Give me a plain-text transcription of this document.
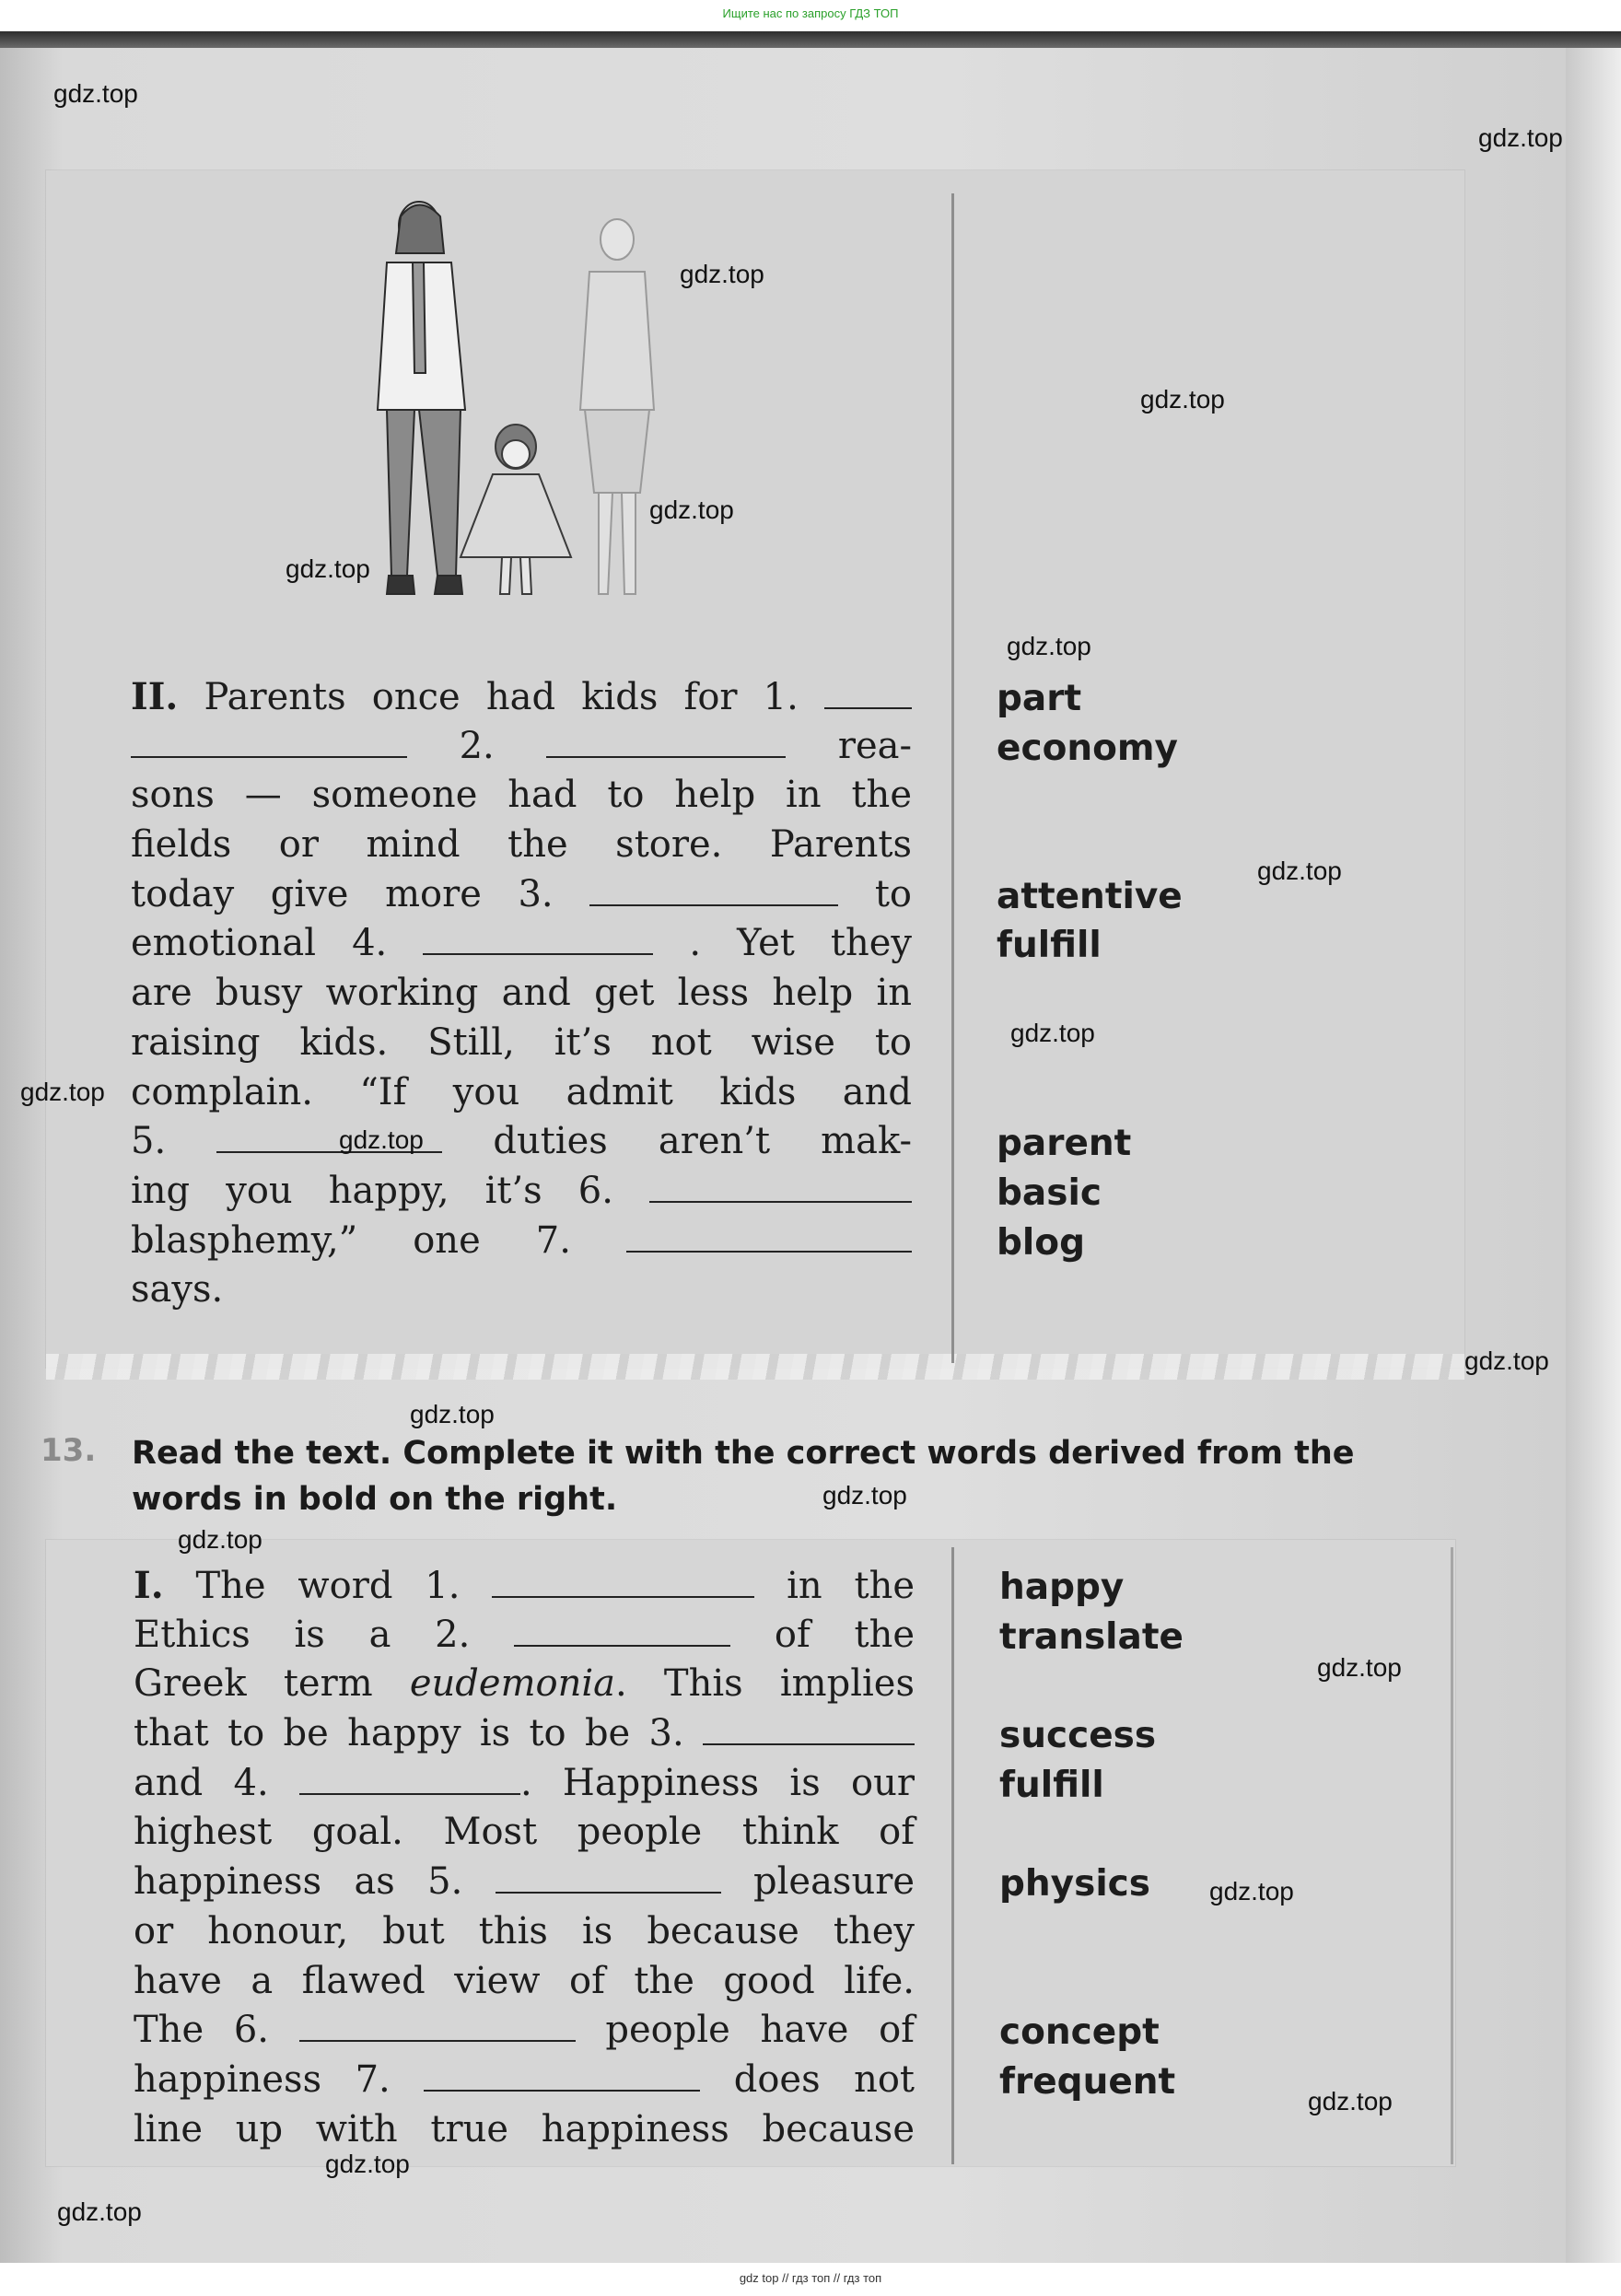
Ищите нас по запросу ГДЗ ТОП
II. Parents once had kids for 1.
2.	rea-
sons — someone had to help in the
fields or mind the store. Parents
today give more 3.	to
emotional 4.	. Yet they
are busy working and get less help in
raising kids. Still, it’s not wise to
complain. “If you admit kids and
5.	duties aren’t mak-
ing you happy, it’s 6.
blasphemy,” one 7.
says.
part
economy
attentive
fulfill
parent
basic
blog
13. Read the text. Complete it with the correct words derived from the words in bold on the right.
I. The word 1.	in the
Ethics is a 2.	of the
Greek term eudemonia. This implies
that to be happy is to be 3.
and 4.	. Happiness is our
highest goal. Most people think of
happiness as 5.	pleasure
or honour, but this is because they
have a flawed view of the good life.
The 6.	people have of
happiness 7.	does not
line up with true happiness because
happy
translate
success
fulfill
physics
concept
frequent
gdz.top
gdz.top
gdz.top
gdz.top
gdz.top
gdz.top
gdz.top
gdz.top
gdz.top
gdz.top
gdz.top
gdz.top
gdz.top
gdz.top
gdz.top
gdz.top
gdz.top
gdz.top
gdz.top
gdz.top
gdz top // гдз топ // гдз топ
